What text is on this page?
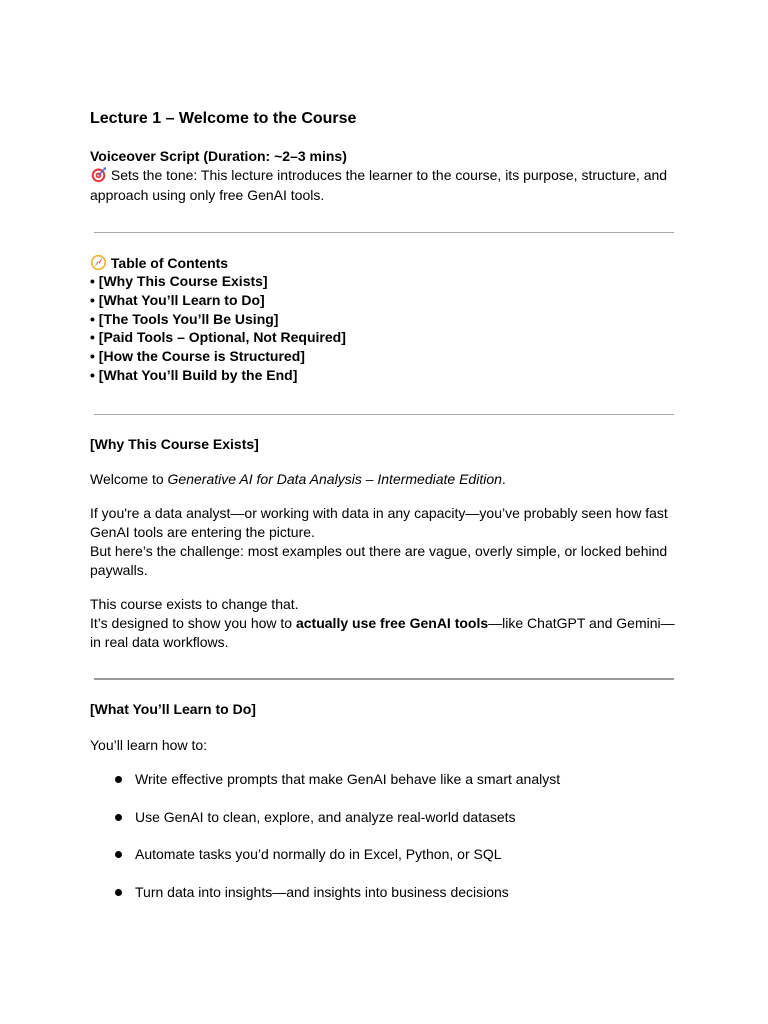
Lecture 1 – Welcome to the Course
Voiceover Script (Duration: ~2–3 mins)
Sets the tone: This lecture introduces the learner to the course, its purpose, structure, and approach using only free GenAI tools.
Table of Contents
• [Why This Course Exists]
• [What You’ll Learn to Do]
• [The Tools You’ll Be Using]
• [Paid Tools – Optional, Not Required]
• [How the Course is Structured]
• [What You’ll Build by the End]
[Why This Course Exists]
Welcome to Generative AI for Data Analysis – Intermediate Edition.
If you're a data analyst—or working with data in any capacity—you’ve probably seen how fast GenAI tools are entering the picture.
But here’s the challenge: most examples out there are vague, overly simple, or locked behind paywalls.
This course exists to change that.
It’s designed to show you how to actually use free GenAI tools—like ChatGPT and Gemini—in real data workflows.
[What You’ll Learn to Do]
You’ll learn how to:
Write effective prompts that make GenAI behave like a smart analyst
Use GenAI to clean, explore, and analyze real-world datasets
Automate tasks you’d normally do in Excel, Python, or SQL
Turn data into insights—and insights into business decisions
